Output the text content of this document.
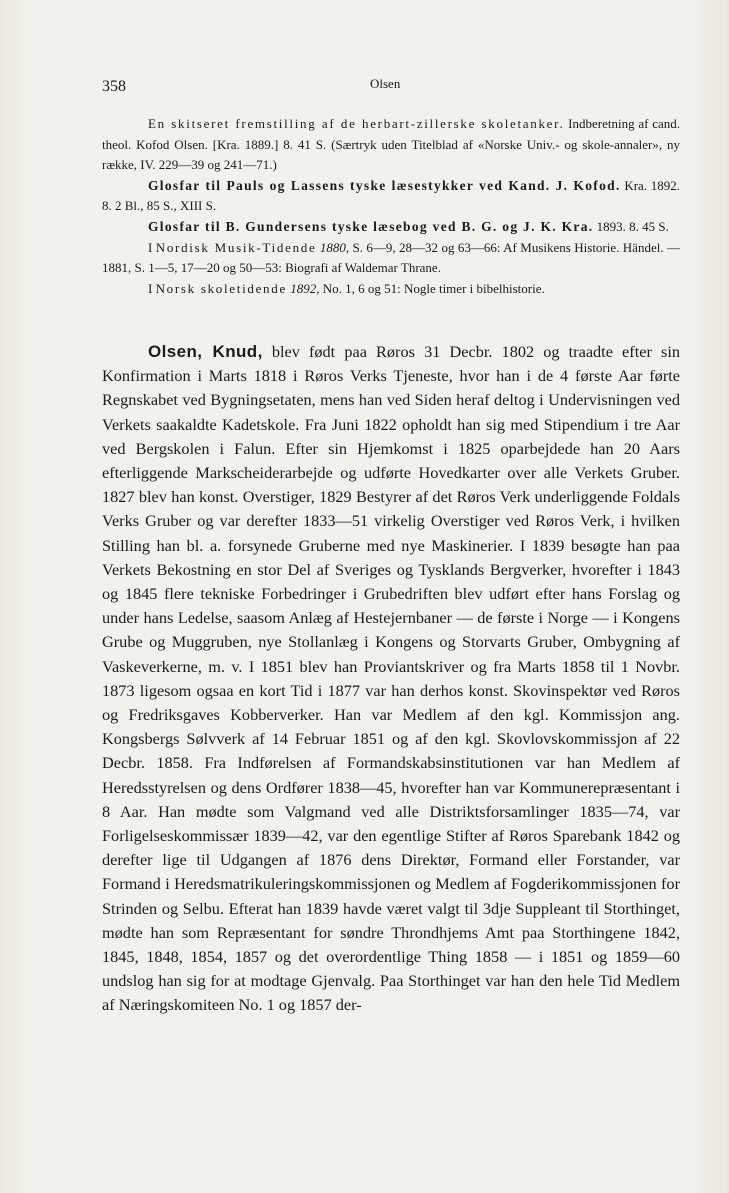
358	Olsen

En skitseret fremstilling af de herbart-zillerske skoletanker. Indberetning af cand. theol. Kofod Olsen. [Kra. 1889.] 8. 41 S. (Særtryk uden Titelblad af «Norske Univ.- og skole-annaler», ny række, IV. 229—39 og 241—71.)

Glosfar til Pauls og Lassens tyske læsestykker ved Kand. J. Kofod. Kra. 1892. 8. 2 Bl., 85 S., XIII S.

Glosfar til B. Gundersens tyske læsebog ved B. G. og J. K. Kra. 1893. 8. 45 S.

I Nordisk Musik-Tidende 1880, S. 6—9, 28—32 og 63—66: Af Musikens Historie. Händel. — 1881, S. 1—5, 17—20 og 50—53: Biografi af Waldemar Thrane.

I Norsk skoletidende 1892, No. 1, 6 og 51: Nogle timer i bibelhistorie.

Olsen, Knud, blev født paa Røros 31 Decbr. 1802 og traadte efter sin Konfirmation i Marts 1818 i Røros Verks Tjeneste, hvor han i de 4 første Aar førte Regnskabet ved Bygningsetaten, mens han ved Siden heraf deltog i Undervisningen ved Verkets saakaldte Kadetskole. Fra Juni 1822 opholdt han sig med Stipendium i tre Aar ved Bergskolen i Falun. Efter sin Hjemkomst i 1825 oparbejdede han 20 Aars efterliggende Markscheiderarbejde og udførte Hovedkarter over alle Verkets Gruber. 1827 blev han konst. Overstiger, 1829 Bestyrer af det Røros Verk underliggende Foldals Verks Gruber og var derefter 1833—51 virkelig Overstiger ved Røros Verk, i hvilken Stilling han bl. a. forsynede Gruberne med nye Maskinerier. I 1839 besøgte han paa Verkets Bekostning en stor Del af Sveriges og Tysklands Bergverker, hvorefter i 1843 og 1845 flere tekniske Forbedringer i Grubedriften blev udført efter hans Forslag og under hans Ledelse, saasom Anlæg af Hestejernbaner — de første i Norge — i Kongens Grube og Muggruben, nye Stollanlæg i Kongens og Storvarts Gruber, Ombygning af Vaskeverkerne, m. v. I 1851 blev han Proviantskriver og fra Marts 1858 til 1 Novbr. 1873 ligesom ogsaa en kort Tid i 1877 var han derhos konst. Skovinspektør ved Røros og Fredriksgaves Kobberverker. Han var Medlem af den kgl. Kommissjon ang. Kongsbergs Sølvverk af 14 Februar 1851 og af den kgl. Skovlovskommissjon af 22 Decbr. 1858. Fra Indførelsen af Formandskabsinstitutionen var han Medlem af Heredsstyrelsen og dens Ordfører 1838—45, hvorefter han var Kommunerepræsentant i 8 Aar. Han mødte som Valgmand ved alle Distriktsforsamlinger 1835—74, var Forligelseskommissær 1839—42, var den egentlige Stifter af Røros Sparebank 1842 og derefter lige til Udgangen af 1876 dens Direktør, Formand eller Forstander, var Formand i Heredsmatrikuleringskommissjonen og Medlem af Fogderikommissjonen for Strinden og Selbu. Efterat han 1839 havde været valgt til 3dje Suppleant til Storthinget, mødte han som Repræsentant for søndre Throndhjems Amt paa Storthingene 1842, 1845, 1848, 1854, 1857 og det overordentlige Thing 1858 — i 1851 og 1859—60 undslog han sig for at modtage Gjenvalg. Paa Storthinget var han den hele Tid Medlem af Næringskomiteen No. 1 og 1857 der-
